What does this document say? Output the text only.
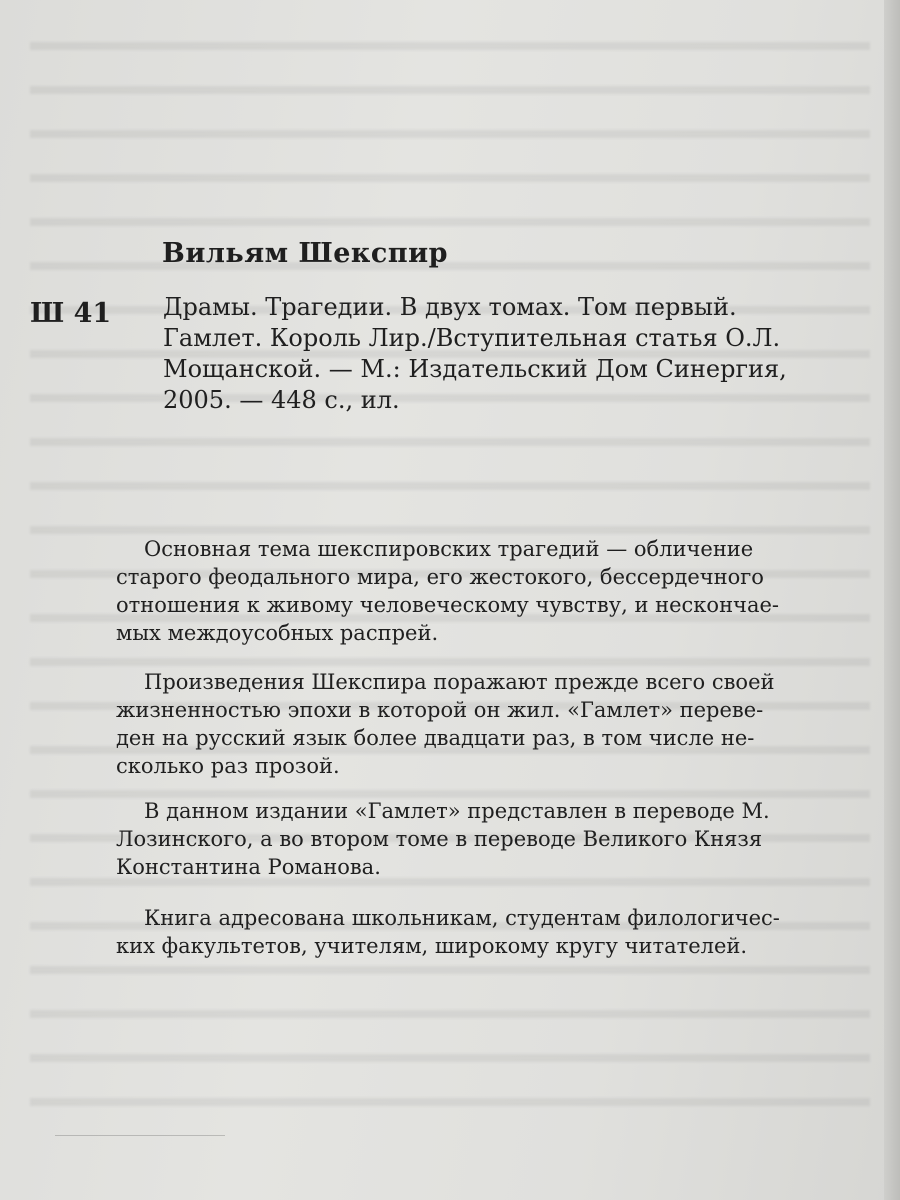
Вильям Шекспир
Ш 41 Драмы. Трагедии. В двух томах. Том первый.
Гамлет. Король Лир./Вступительная статья О.Л.
Мощанской. — М.: Издательский Дом Синергия,
2005. — 448 с., ил.
Основная тема шекспировских трагедий — обличение
старого феодального мира, его жестокого, бессердечного
отношения к живому человеческому чувству, и нескончае-
мых междоусобных распрей.
Произведения Шекспира поражают прежде всего своей
жизненностью эпохи в которой он жил. «Гамлет» переве-
ден на русский язык более двадцати раз, в том числе не-
сколько раз прозой.
В данном издании «Гамлет» представлен в переводе М.
Лозинского, а во втором томе в переводе Великого Князя
Константина Романова.
Книга адресована школьникам, студентам филологичес-
ких факультетов, учителям, широкому кругу читателей.
